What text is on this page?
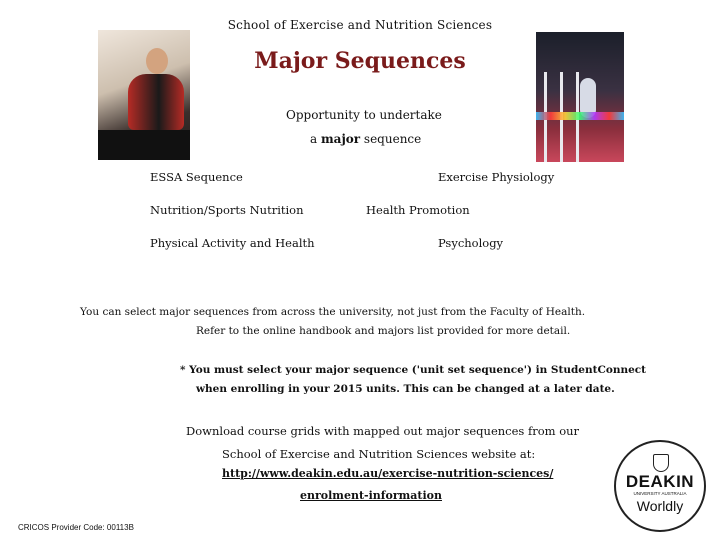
School of Exercise and Nutrition Sciences
Major Sequences
Opportunity to undertake
a major sequence
ESSA Sequence	Exercise Physiology
Nutrition/Sports Nutrition	Health Promotion
Physical Activity and Health	Psychology
You can select major sequences from across the university, not just from the Faculty of Health.
Refer to the online handbook and majors list provided for more detail.
* You must select your major sequence ('unit set sequence') in StudentConnect
when enrolling in your 2015 units. This can be changed at a later date.
Download course grids with mapped out major sequences from our
School of Exercise and Nutrition Sciences website at:
http://www.deakin.edu.au/exercise-nutrition-sciences/
enrolment-information
CRICOS Provider Code: 00113B
DEAKIN
UNIVERSITY AUSTRALIA
Worldly
